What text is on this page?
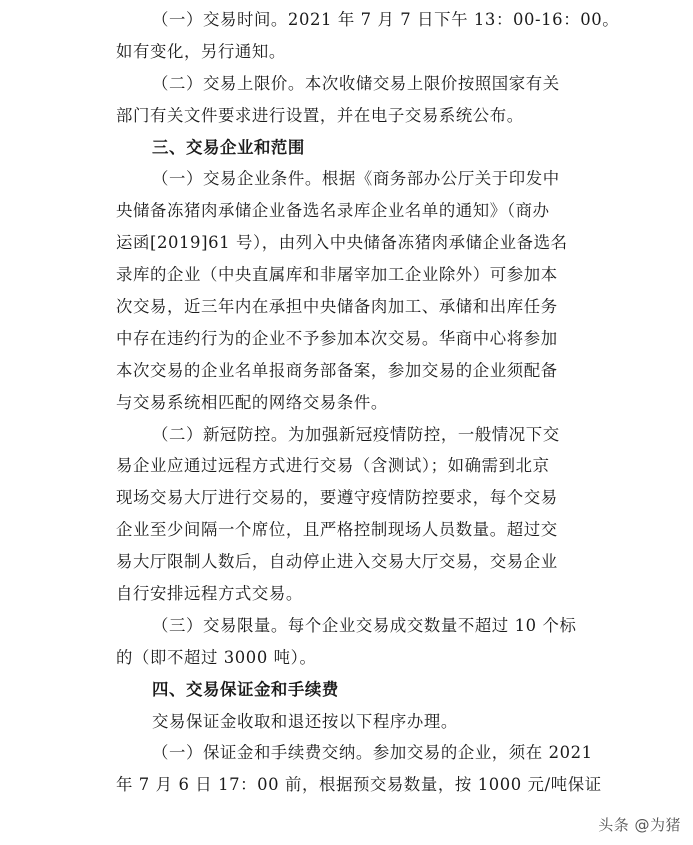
（一）交易时间。2021 年 7 月 7 日下午 13：00-16：00。
如有变化，另行通知。
（二）交易上限价。本次收储交易上限价按照国家有关
部门有关文件要求进行设置，并在电子交易系统公布。
三、交易企业和范围
（一）交易企业条件。根据《商务部办公厅关于印发中
央储备冻猪肉承储企业备选名录库企业名单的通知》（商办
运函[2019]61 号），由列入中央储备冻猪肉承储企业备选名
录库的企业（中央直属库和非屠宰加工企业除外）可参加本
次交易，近三年内在承担中央储备肉加工、承储和出库任务
中存在违约行为的企业不予参加本次交易。华商中心将参加
本次交易的企业名单报商务部备案，参加交易的企业须配备
与交易系统相匹配的网络交易条件。
（二）新冠防控。为加强新冠疫情防控，一般情况下交
易企业应通过远程方式进行交易（含测试）；如确需到北京
现场交易大厅进行交易的，要遵守疫情防控要求，每个交易
企业至少间隔一个席位，且严格控制现场人员数量。超过交
易大厅限制人数后，自动停止进入交易大厅交易，交易企业
自行安排远程方式交易。
（三）交易限量。每个企业交易成交数量不超过 10 个标
的（即不超过 3000 吨）。
四、交易保证金和手续费
交易保证金收取和退还按以下程序办理。
（一）保证金和手续费交纳。参加交易的企业，须在 2021
年 7 月 6 日 17：00 前，根据预交易数量，按 1000 元/吨保证
头条 @为猪
